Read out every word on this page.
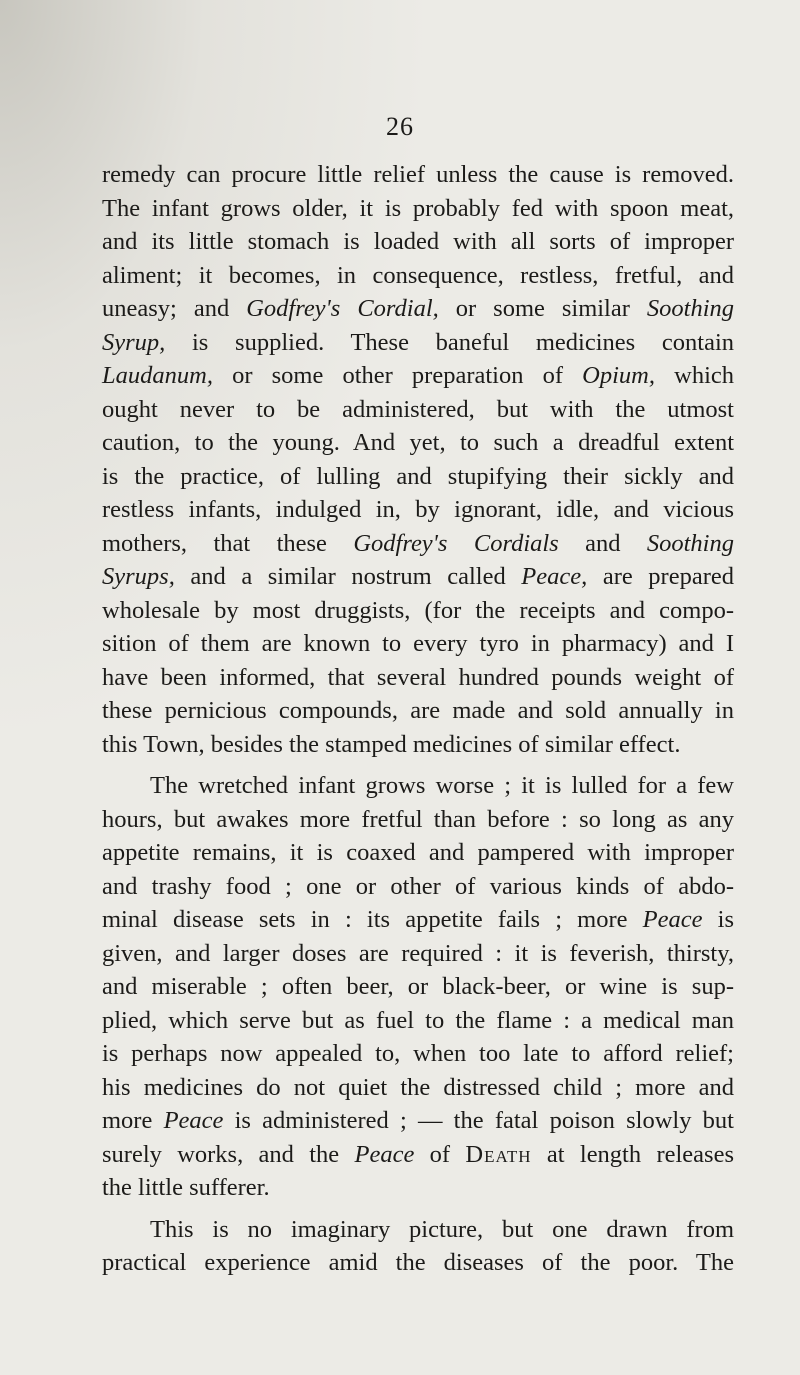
26
remedy can procure little relief unless the cause is removed.
The infant grows older, it is probably fed with spoon meat,
and its little stomach is loaded with all sorts of improper
aliment; it becomes, in consequence, restless, fretful, and
uneasy; and Godfrey's Cordial, or some similar Soothing
Syrup, is supplied. These baneful medicines contain
Laudanum, or some other preparation of Opium, which
ought never to be administered, but with the utmost
caution, to the young. And yet, to such a dreadful extent
is the practice, of lulling and stupifying their sickly and
restless infants, indulged in, by ignorant, idle, and vicious
mothers, that these Godfrey's Cordials and Soothing
Syrups, and a similar nostrum called Peace, are prepared
wholesale by most druggists, (for the receipts and compo-
sition of them are known to every tyro in pharmacy) and I
have been informed, that several hundred pounds weight of
these pernicious compounds, are made and sold annually in
this Town, besides the stamped medicines of similar effect.
The wretched infant grows worse ; it is lulled for a few
hours, but awakes more fretful than before : so long as any
appetite remains, it is coaxed and pampered with improper
and trashy food ; one or other of various kinds of abdo-
minal disease sets in : its appetite fails ; more Peace is
given, and larger doses are required : it is feverish, thirsty,
and miserable ; often beer, or black-beer, or wine is sup-
plied, which serve but as fuel to the flame : a medical man
is perhaps now appealed to, when too late to afford relief;
his medicines do not quiet the distressed child ; more and
more Peace is administered ; — the fatal poison slowly but
surely works, and the Peace of Death at length releases
the little sufferer.
This is no imaginary picture, but one drawn from
practical experience amid the diseases of the poor. The
